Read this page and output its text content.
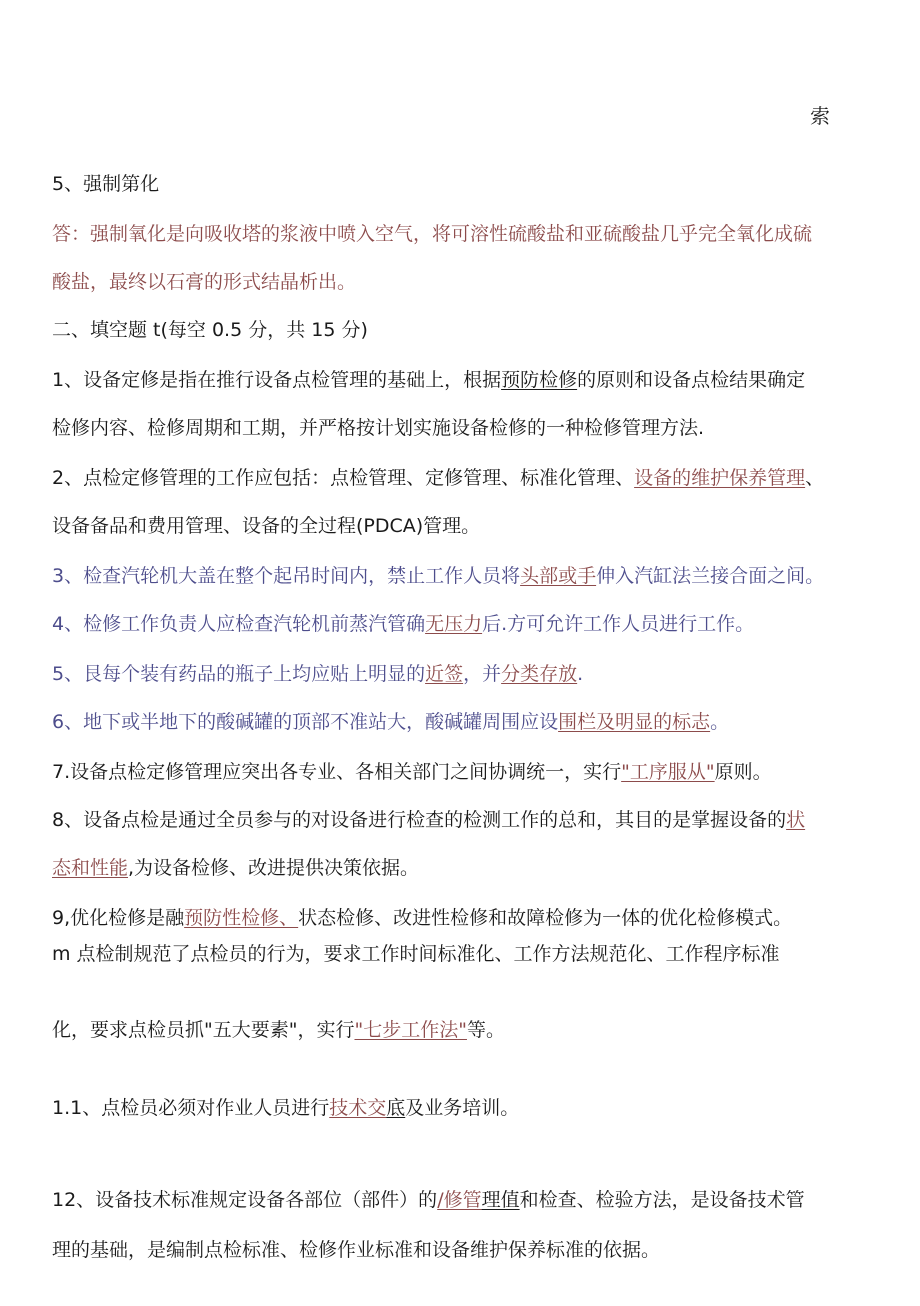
索
5、强制第化
答：强制氧化是向吸收塔的浆液中喷入空气，将可溶性硫酸盐和亚硫酸盐几乎完全氧化成硫
酸盐，最终以石膏的形式结晶析出。
二、填空题 t(每空 0.5 分，共 15 分)
1、设备定修是指在推行设备点检管理的基础上，根据预防检修的原则和设备点检结果确定
检修内容、检修周期和工期，并严格按计划实施设备检修的一种检修管理方法.
2、点检定修管理的工作应包括：点检管理、定修管理、标准化管理、设备的维护保养管理、
设备备品和费用管理、设备的全过程(PDCA)管理。
3、检查汽轮机大盖在整个起吊时间内，禁止工作人员将头部或手伸入汽缸法兰接合面之间。
4、检修工作负责人应检查汽轮机前蒸汽管确无压力后.方可允许工作人员进行工作。
5、艮每个装有药品的瓶子上均应贴上明显的近签，并分类存放.
6、地下或半地下的酸碱罐的顶部不准站大，酸碱罐周围应设围栏及明显的标志。
7.设备点检定修管理应突出各专业、各相关部门之间协调统一，实行"工序服从"原则。
8、设备点检是通过全员参与的对设备进行检查的检测工作的总和，其目的是掌握设备的状
态和性能,为设备检修、改进提供决策依据。
9,优化检修是融预防性检修、状态检修、改进性检修和故障检修为一体的优化检修模式。
m 点检制规范了点检员的行为，要求工作时间标准化、工作方法规范化、工作程序标准
化，要求点检员抓"五大要素"，实行"七步工作法"等。
1.1、点检员必须对作业人员进行技术交底及业务培训。
12、设备技术标准规定设备各部位（部件）的/修管理值和检查、检验方法，是设备技术管
理的基础，是编制点检标准、检修作业标准和设备维护保养标准的依据。
